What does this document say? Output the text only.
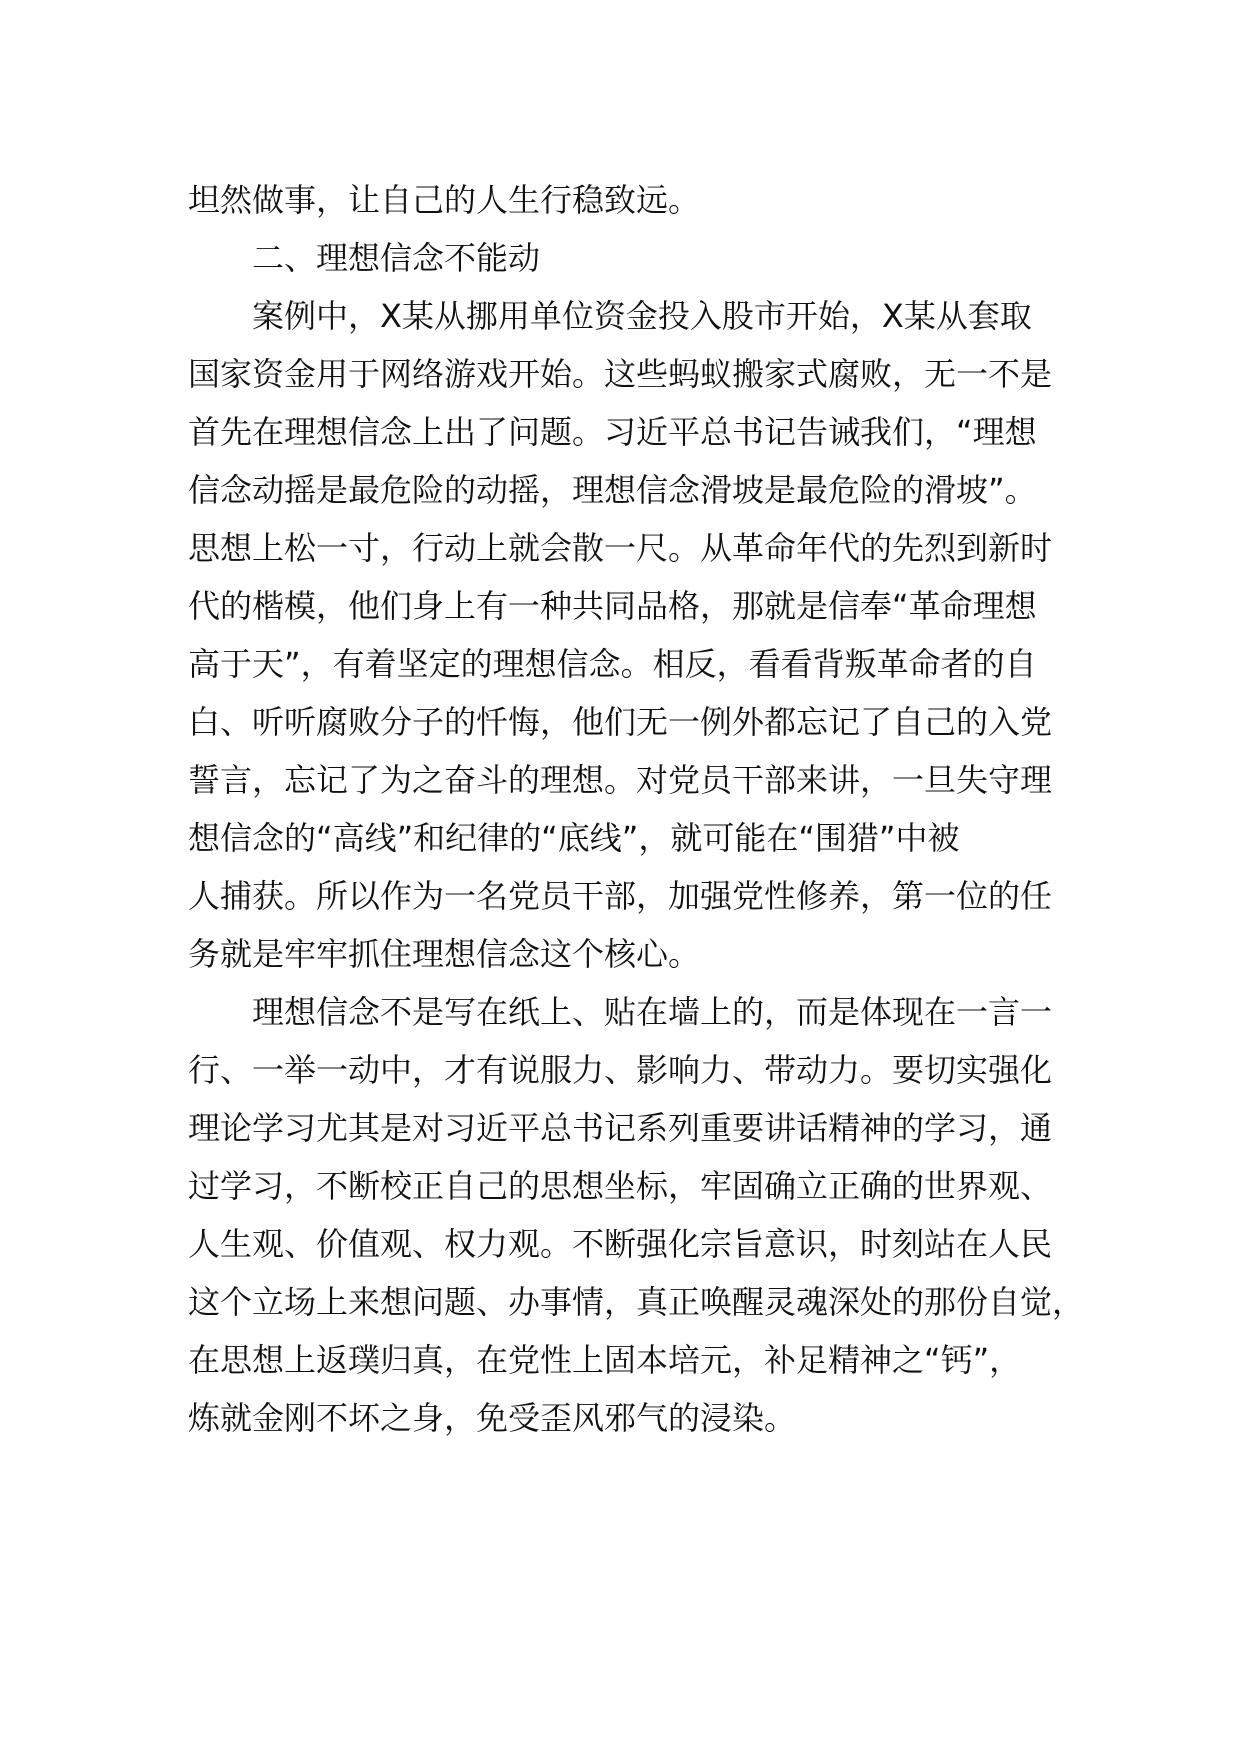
坦然做事，让自己的人生行稳致远。

二、理想信念不能动

案例中，X某从挪用单位资金投入股市开始，X某从套取

国家资金用于网络游戏开始。这些蚂蚁搬家式腐败，无一不是

首先在理想信念上出了问题。习近平总书记告诫我们，“理想

信念动摇是最危险的动摇，理想信念滑坡是最危险的滑坡”。

思想上松一寸，行动上就会散一尺。从革命年代的先烈到新时

代的楷模，他们身上有一种共同品格，那就是信奉“革命理想

高于天”，有着坚定的理想信念。相反，看看背叛革命者的自

白、听听腐败分子的忏悔，他们无一例外都忘记了自己的入党

誓言，忘记了为之奋斗的理想。对党员干部来讲，一旦失守理

想信念的“高线”和纪律的“底线”，就可能在“围猎”中被

人捕获。所以作为一名党员干部，加强党性修养，第一位的任

务就是牢牢抓住理想信念这个核心。

理想信念不是写在纸上、贴在墙上的，而是体现在一言一

行、一举一动中，才有说服力、影响力、带动力。要切实强化

理论学习尤其是对习近平总书记系列重要讲话精神的学习，通

过学习，不断校正自己的思想坐标，牢固确立正确的世界观、

人生观、价值观、权力观。不断强化宗旨意识，时刻站在人民

这个立场上来想问题、办事情，真正唤醒灵魂深处的那份自觉，

在思想上返璞归真，在党性上固本培元，补足精神之“钙”，

炼就金刚不坏之身，免受歪风邪气的浸染。
